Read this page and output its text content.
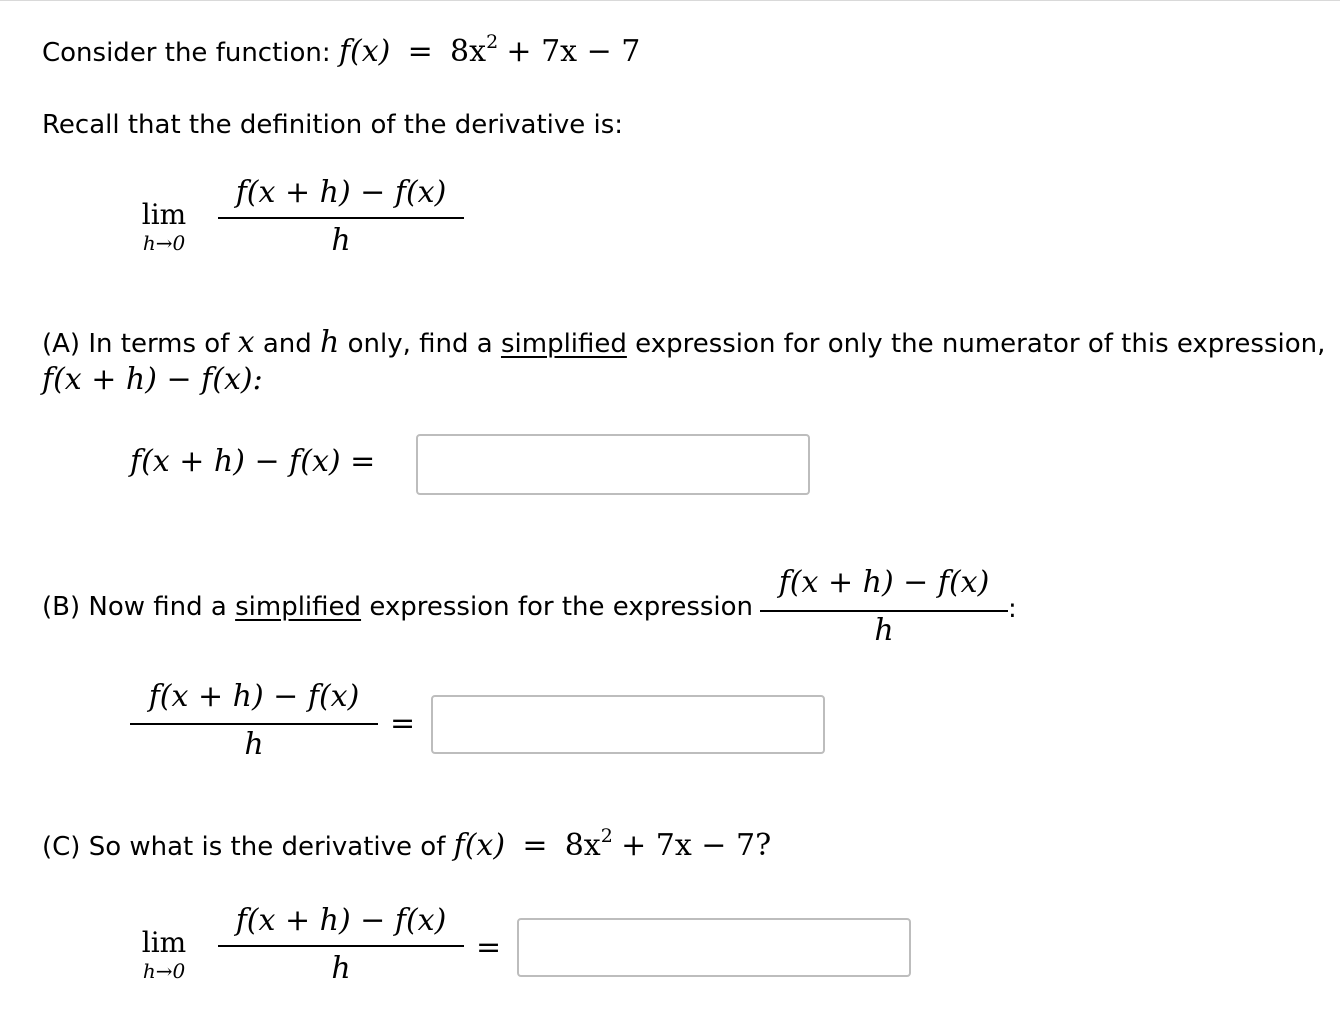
Consider the function: $f(x) = 8x^2 + 7x - 7$
Recall that the definition of the derivative is:
lim
h→0
f(x + h) − f(x)
h
(A) In terms of x and h only, find a simplified expression for only the numerator of this expression,
f(x + h) − f(x):
f(x + h) − f(x) =
(B) Now find a simplified expression for the expression
f(x + h) − f(x)
h
:
f(x + h) − f(x)
h
=
(C) So what is the derivative of $f(x) = 8x^2 + 7x - 7$?
lim
h→0
f(x + h) − f(x)
h
=
